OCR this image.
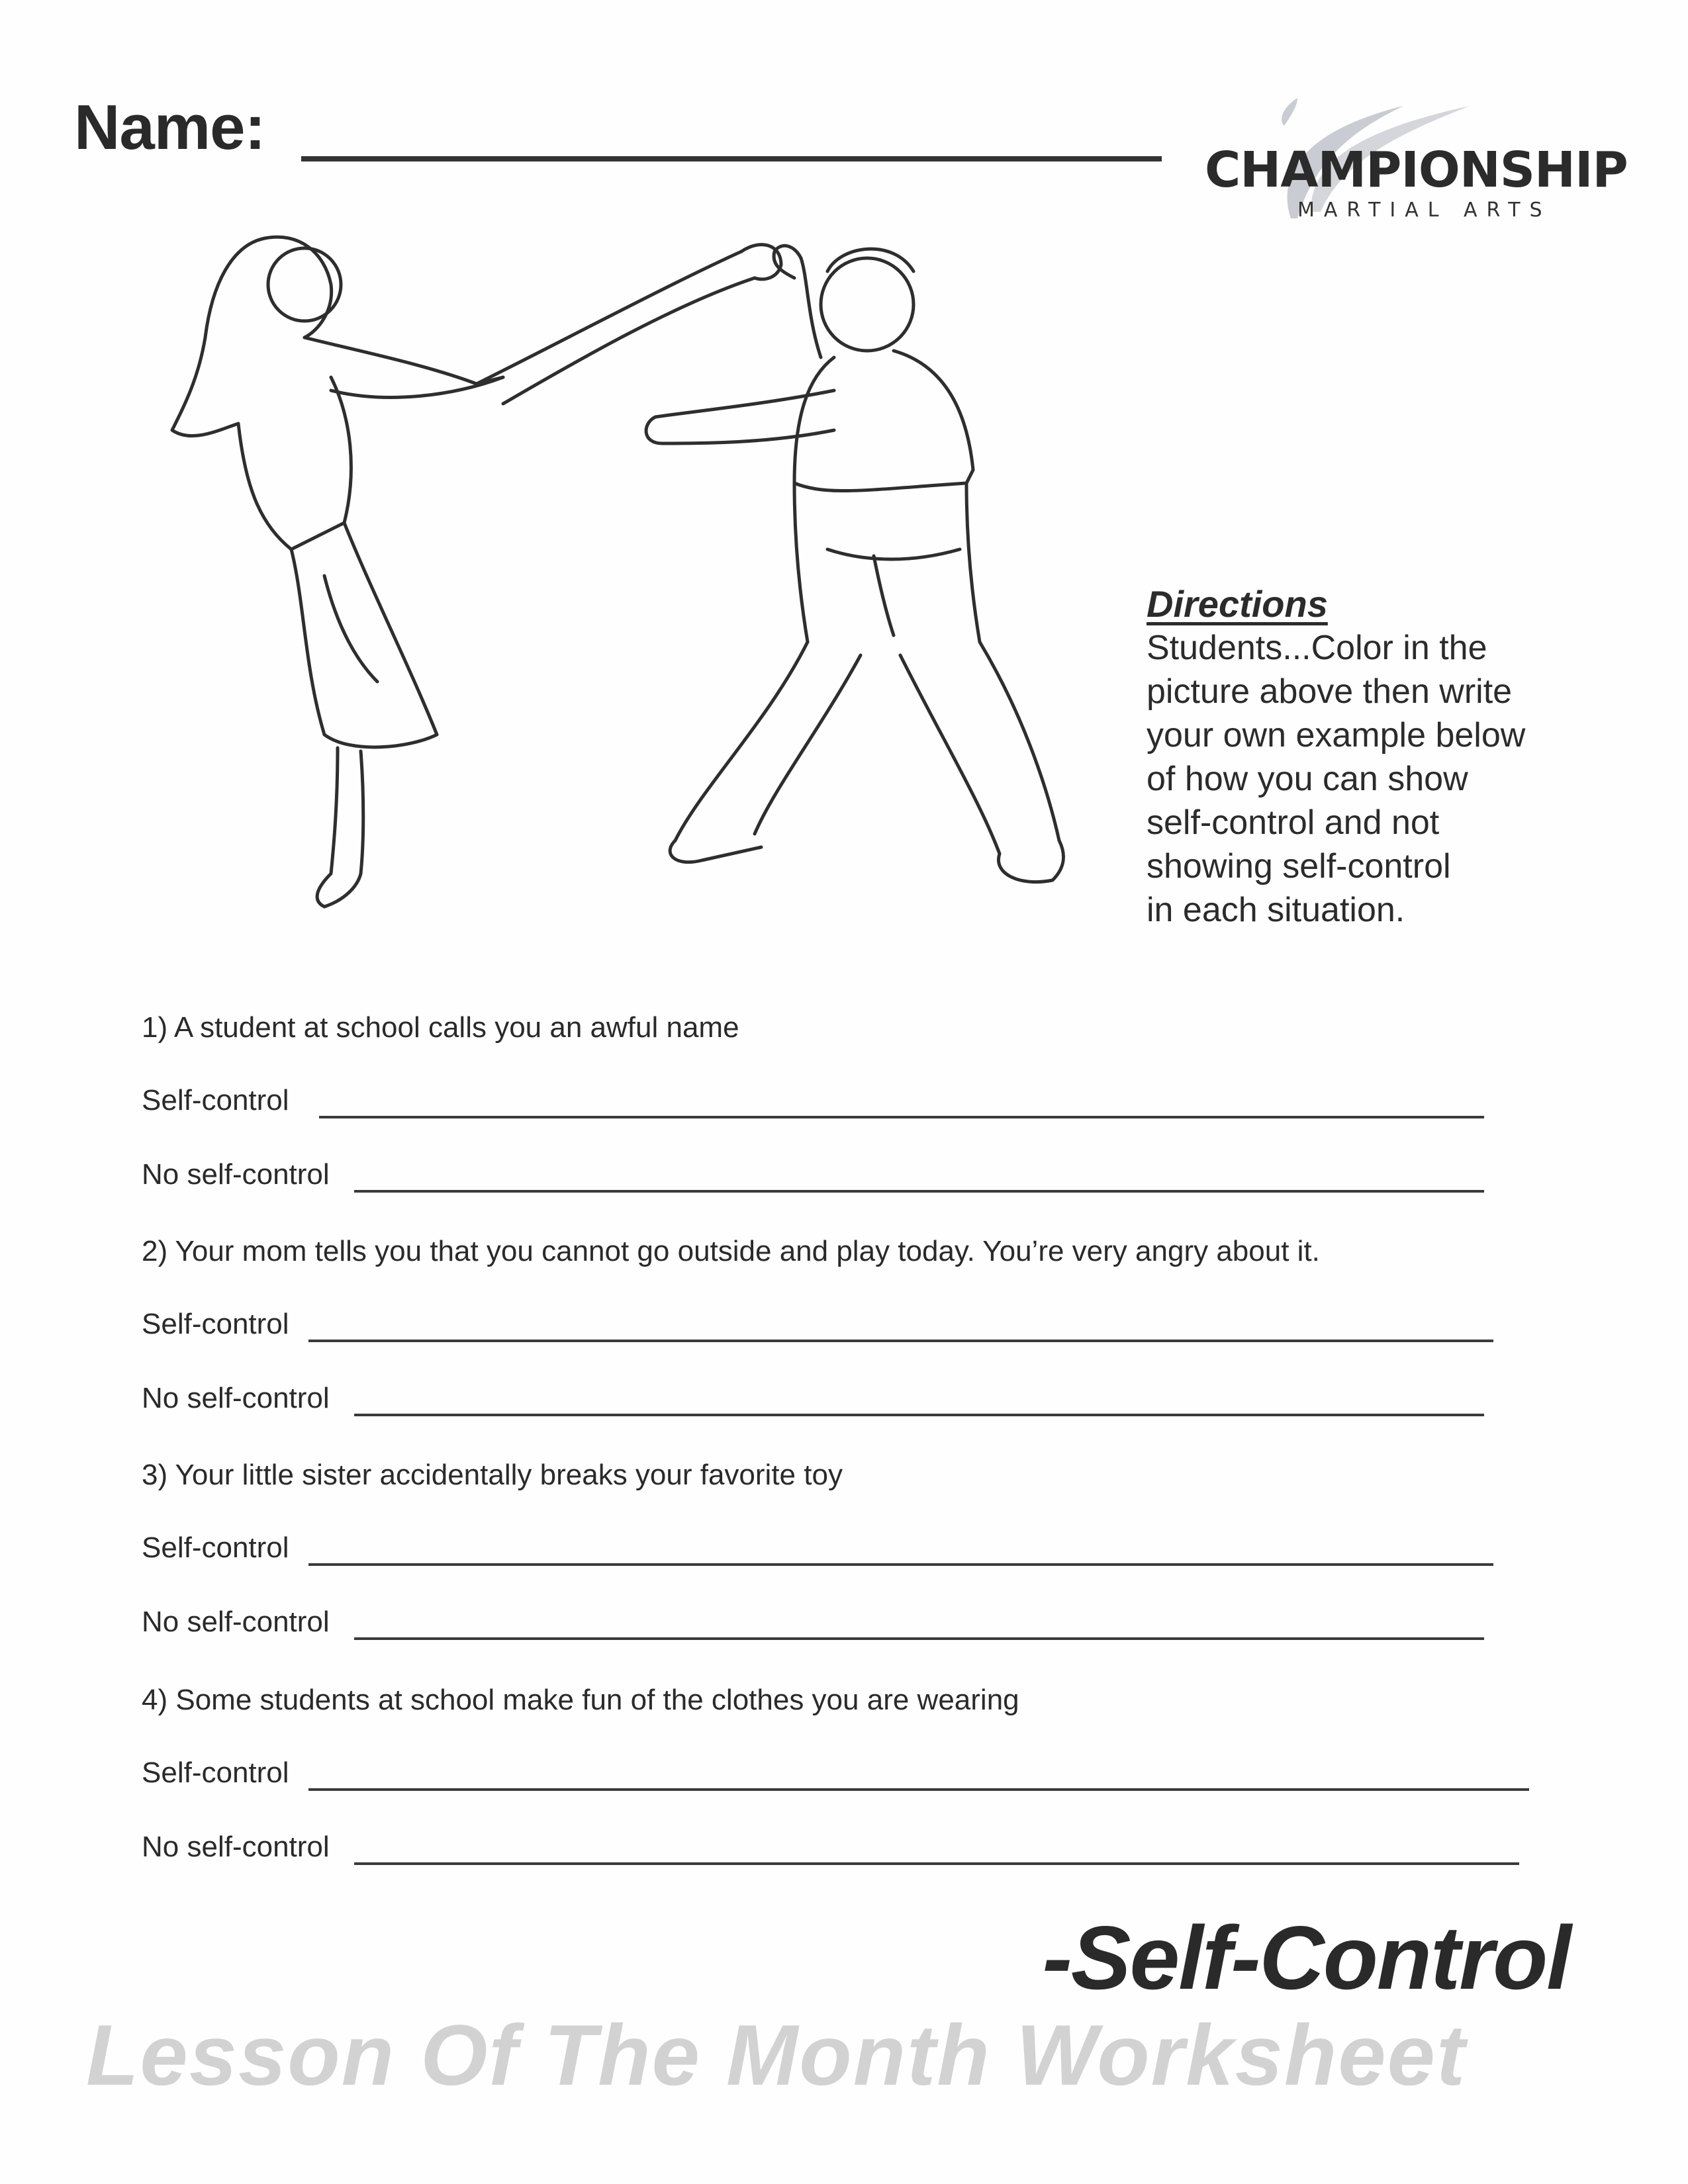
Name:
CHAMPIONSHIP
MARTIAL ARTS
Directions
Students...Color in the
picture above then write
your own example below
of how you can show
self-control and not
showing self-control
in each situation.
1) A student at school calls you an awful name
Self-control
No self-control
2) Your mom tells you that you cannot go outside and play today. You’re very angry about it.
Self-control
No self-control
3) Your little sister accidentally breaks your favorite toy
Self-control
No self-control
4) Some students at school make fun of the clothes you are wearing
Self-control
No self-control
-Self-Control
Lesson Of The Month Worksheet
